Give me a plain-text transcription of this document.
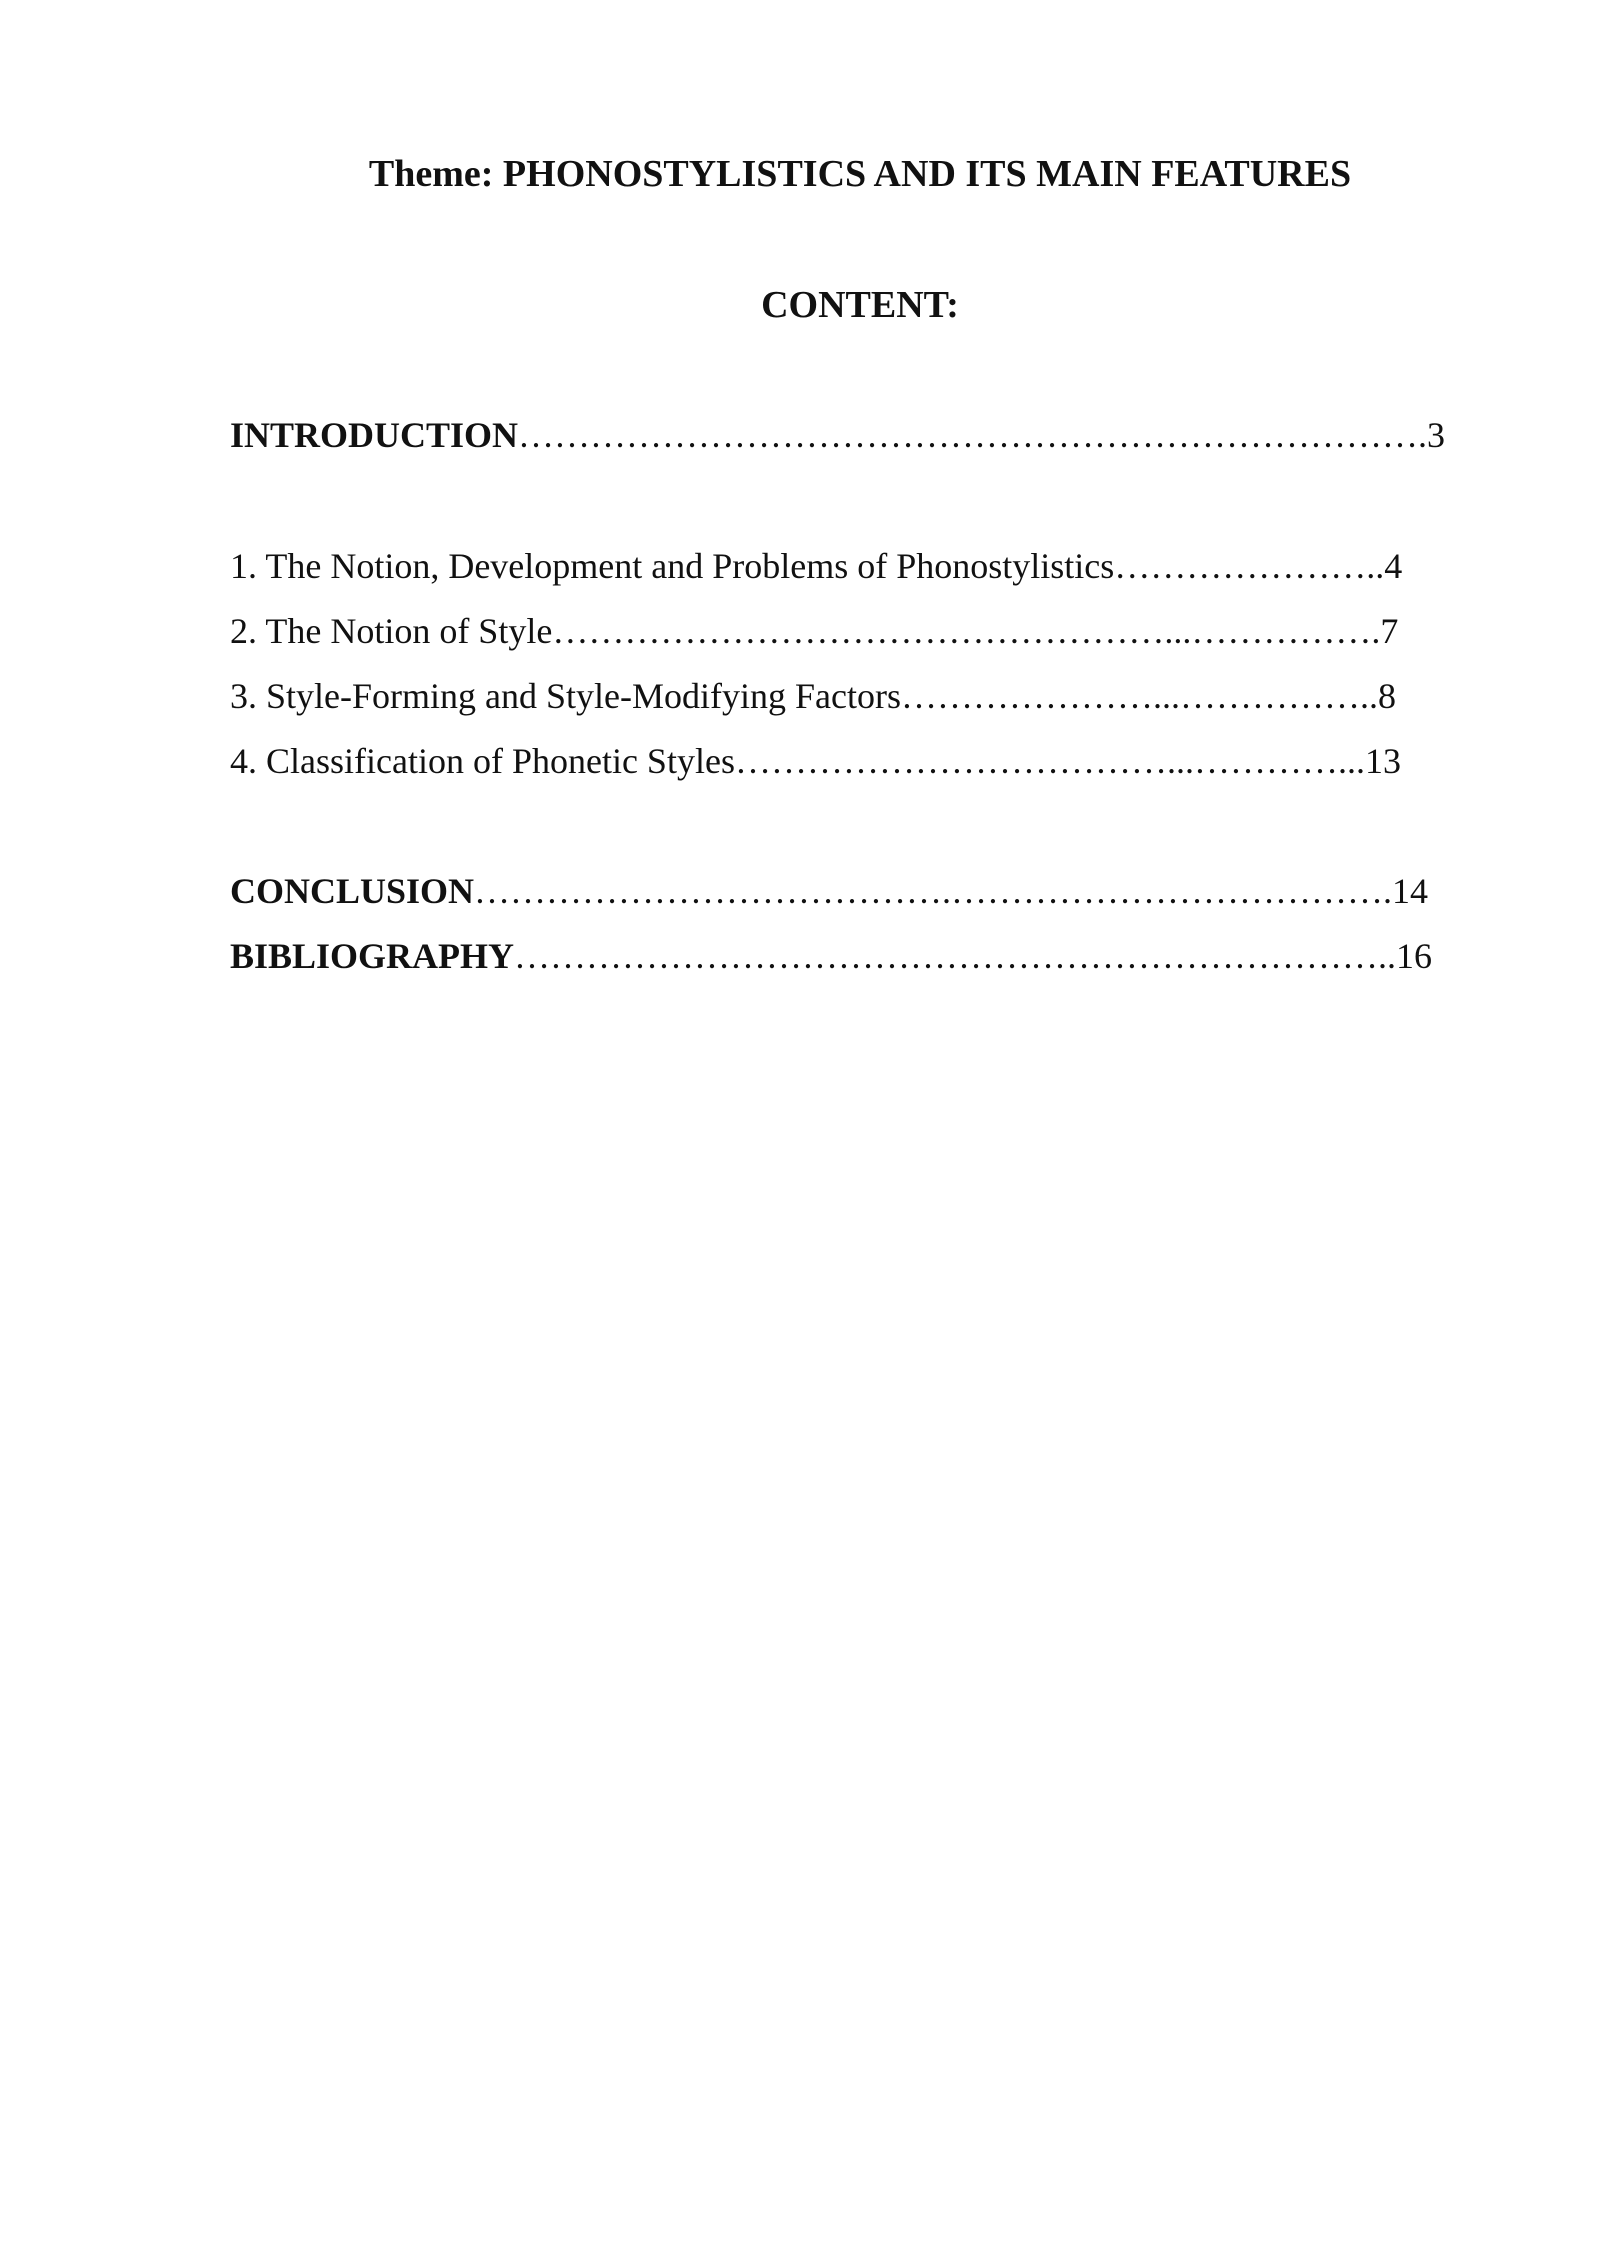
Theme: PHONOSTYLISTICS AND ITS MAIN FEATURES
CONTENT:
INTRODUCTION………………………………………………………………….3
1. The Notion, Development and Problems of Phonostylistics…………………..4
2. The Notion of Style……………………………………………...…………….7
3. Style-Forming and Style-Modifying Factors…………………...……………..8
4. Classification of Phonetic Styles………………………………...…………...13
CONCLUSION………………………………….……………………………….14
BIBLIOGRAPHY………………………………………………………………..16
